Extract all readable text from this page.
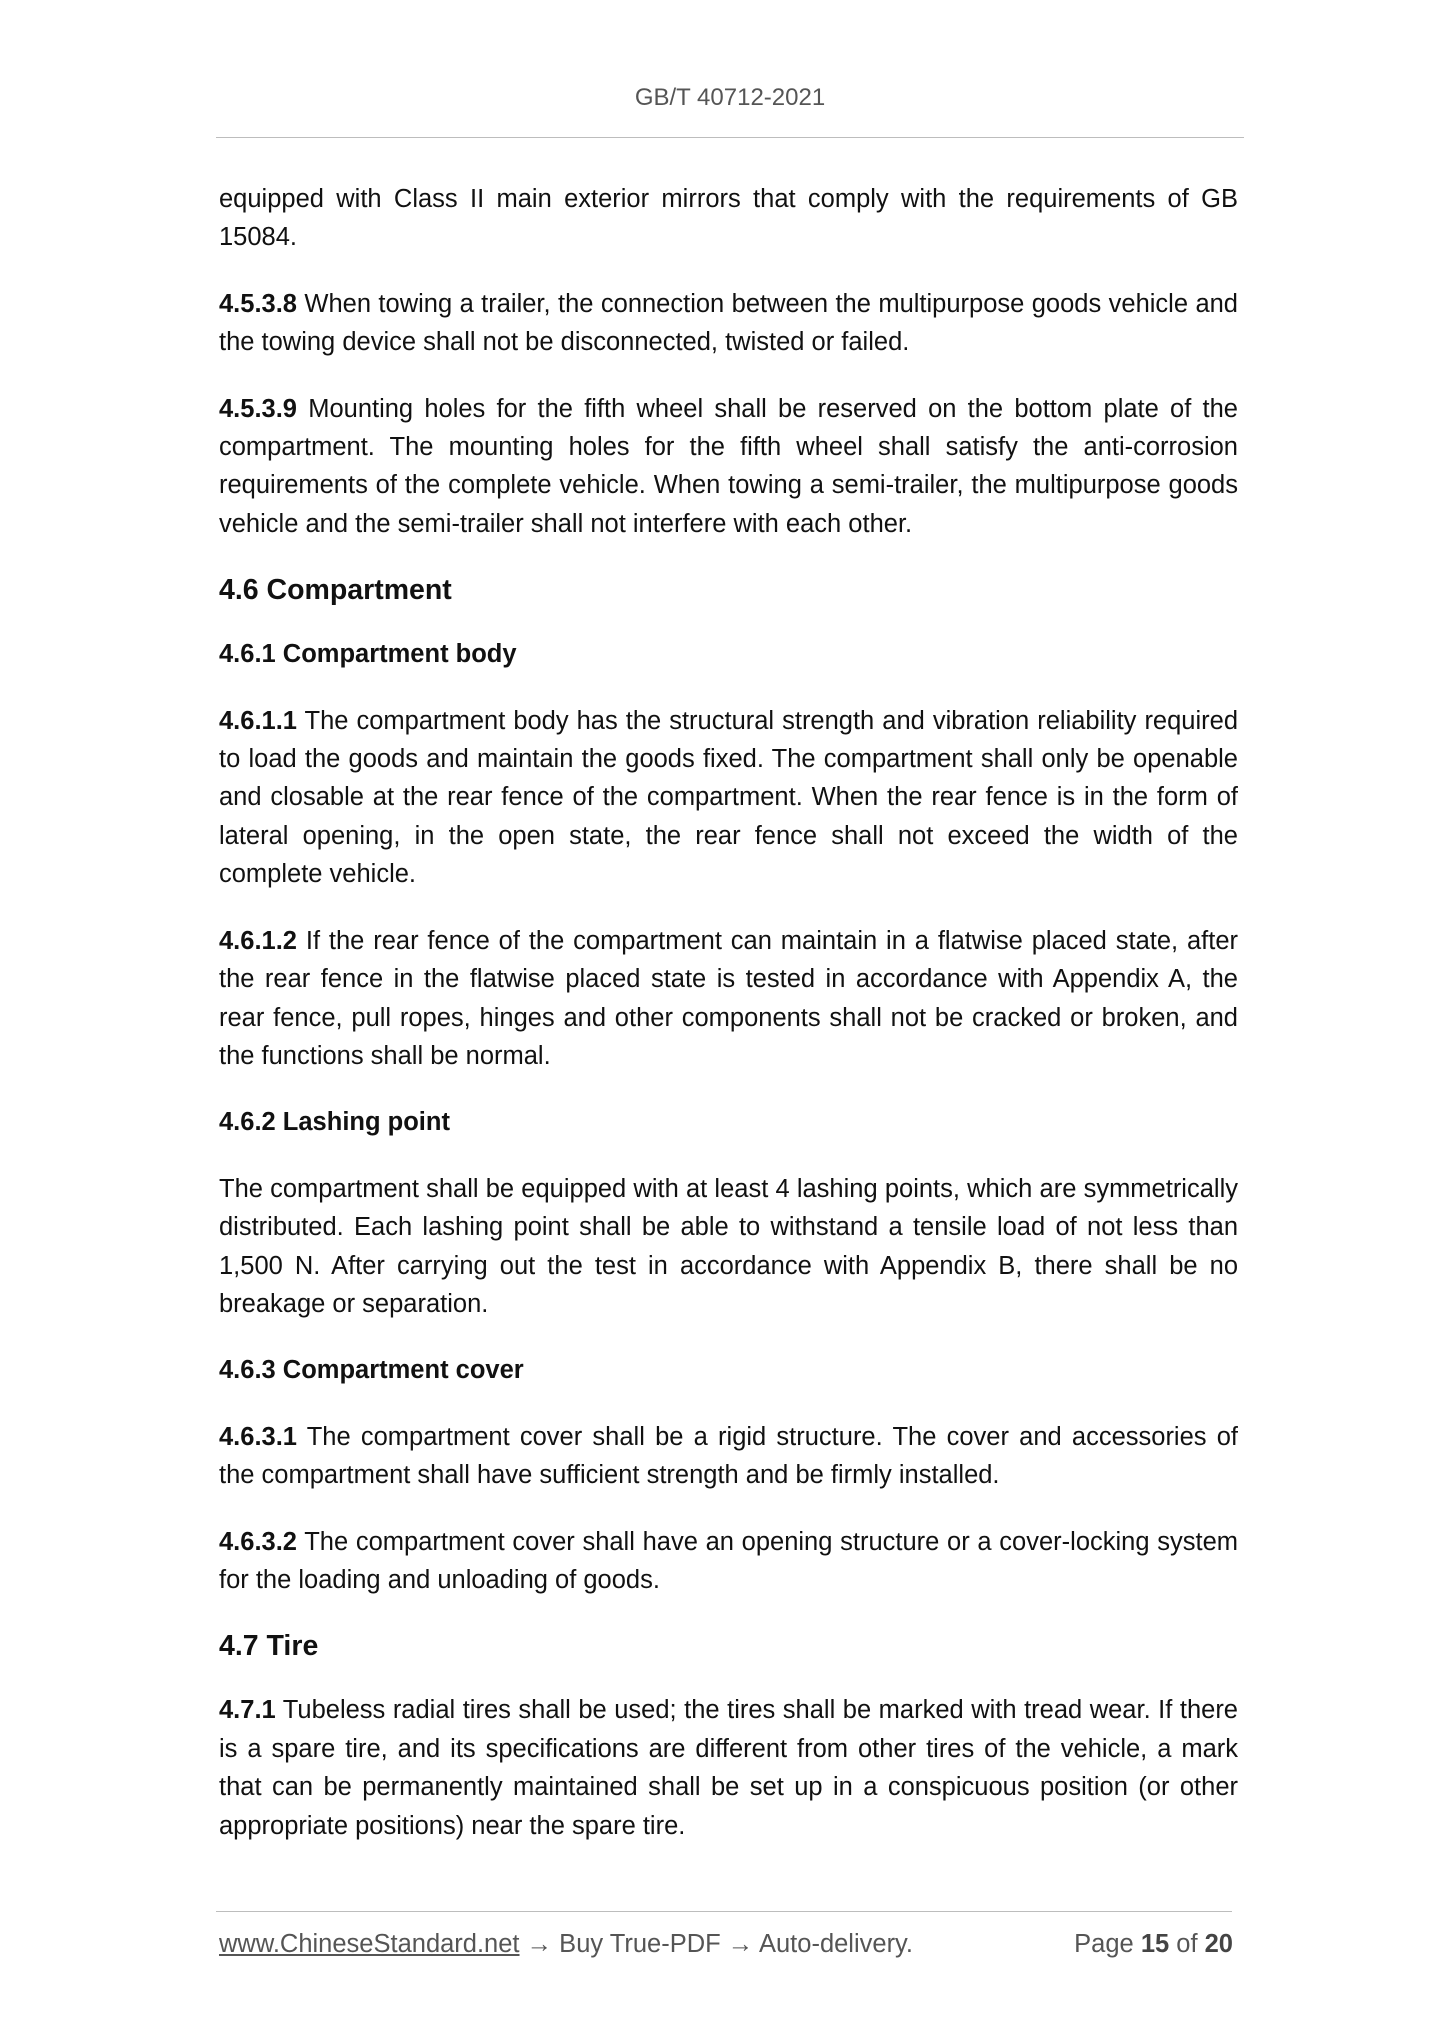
GB/T 40712-2021

equipped with Class II main exterior mirrors that comply with the requirements of GB 15084.

4.5.3.8 When towing a trailer, the connection between the multipurpose goods vehicle and the towing device shall not be disconnected, twisted or failed.

4.5.3.9 Mounting holes for the fifth wheel shall be reserved on the bottom plate of the compartment. The mounting holes for the fifth wheel shall satisfy the anti-corrosion requirements of the complete vehicle. When towing a semi-trailer, the multipurpose goods vehicle and the semi-trailer shall not interfere with each other.

4.6 Compartment
4.6.1 Compartment body

4.6.1.1 The compartment body has the structural strength and vibration reliability required to load the goods and maintain the goods fixed. The compartment shall only be openable and closable at the rear fence of the compartment. When the rear fence is in the form of lateral opening, in the open state, the rear fence shall not exceed the width of the complete vehicle.

4.6.1.2 If the rear fence of the compartment can maintain in a flatwise placed state, after the rear fence in the flatwise placed state is tested in accordance with Appendix A, the rear fence, pull ropes, hinges and other components shall not be cracked or broken, and the functions shall be normal.

4.6.2 Lashing point

The compartment shall be equipped with at least 4 lashing points, which are symmetrically distributed. Each lashing point shall be able to withstand a tensile load of not less than 1,500 N. After carrying out the test in accordance with Appendix B, there shall be no breakage or separation.

4.6.3 Compartment cover

4.6.3.1 The compartment cover shall be a rigid structure. The cover and accessories of the compartment shall have sufficient strength and be firmly installed.

4.6.3.2 The compartment cover shall have an opening structure or a cover-locking system for the loading and unloading of goods.

4.7 Tire

4.7.1 Tubeless radial tires shall be used; the tires shall be marked with tread wear. If there is a spare tire, and its specifications are different from other tires of the vehicle, a mark that can be permanently maintained shall be set up in a conspicuous position (or other appropriate positions) near the spare tire.

www.ChineseStandard.net → Buy True-PDF → Auto-delivery.	Page 15 of 20
